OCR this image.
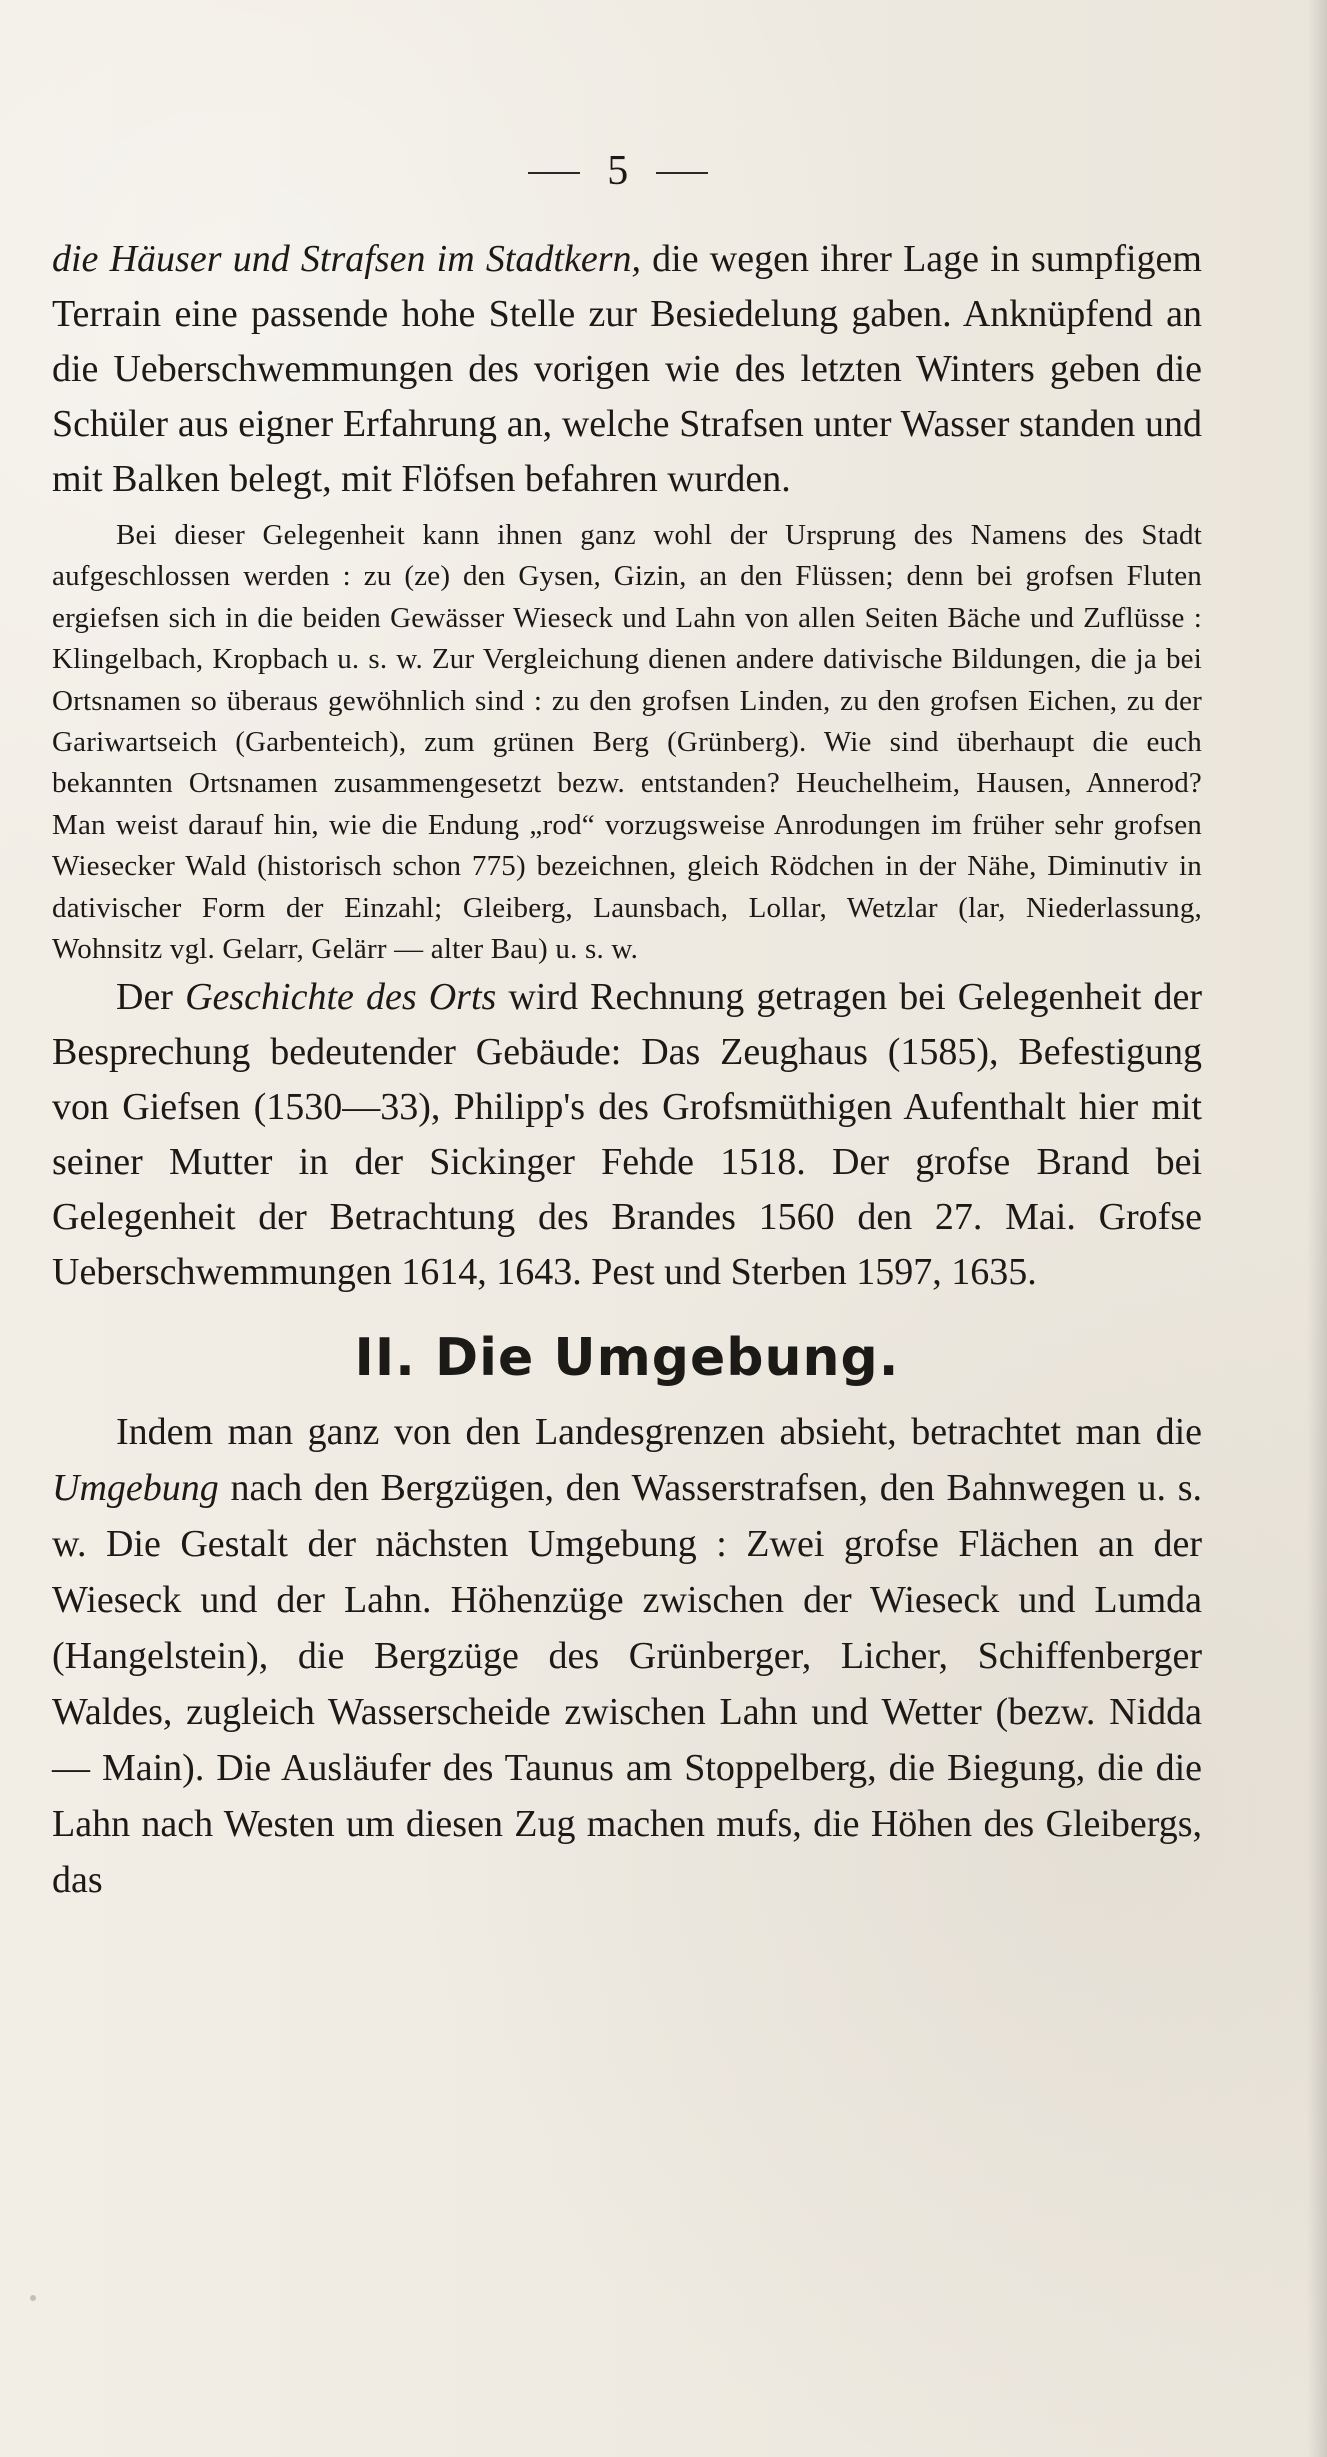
5

die Häuser und Strafsen im Stadtkern, die wegen ihrer Lage in sumpfigem Terrain eine passende hohe Stelle zur Besiedelung gaben. Anknüpfend an die Ueberschwemmungen des vorigen wie des letzten Winters geben die Schüler aus eigner Erfahrung an, welche Strafsen unter Wasser standen und mit Balken belegt, mit Flöfsen befahren wurden.

Bei dieser Gelegenheit kann ihnen ganz wohl der Ursprung des Namens des Stadt aufgeschlossen werden : zu (ze) den Gysen, Gizin, an den Flüssen; denn bei grofsen Fluten ergiefsen sich in die beiden Gewässer Wieseck und Lahn von allen Seiten Bäche und Zuflüsse : Klingelbach, Kropbach u. s. w. Zur Vergleichung dienen andere dativische Bildungen, die ja bei Ortsnamen so überaus gewöhnlich sind : zu den grofsen Linden, zu den grofsen Eichen, zu der Gariwartseich (Garbenteich), zum grünen Berg (Grünberg). Wie sind überhaupt die euch bekannten Ortsnamen zusammengesetzt bezw. entstanden? Heuchelheim, Hausen, Annerod? Man weist darauf hin, wie die Endung „rod“ vorzugsweise Anrodungen im früher sehr grofsen Wiesecker Wald (historisch schon 775) bezeichnen, gleich Rödchen in der Nähe, Diminutiv in dativischer Form der Einzahl; Gleiberg, Launsbach, Lollar, Wetzlar (lar, Niederlassung, Wohnsitz vgl. Gelarr, Gelärr — alter Bau) u. s. w.

Der Geschichte des Orts wird Rechnung getragen bei Gelegenheit der Besprechung bedeutender Gebäude: Das Zeughaus (1585), Befestigung von Giefsen (1530—33), Philipp's des Grofsmüthigen Aufenthalt hier mit seiner Mutter in der Sickinger Fehde 1518. Der grofse Brand bei Gelegenheit der Betrachtung des Brandes 1560 den 27. Mai. Grofse Ueberschwemmungen 1614, 1643. Pest und Sterben 1597, 1635.

II. Die Umgebung.

Indem man ganz von den Landesgrenzen absieht, betrachtet man die Umgebung nach den Bergzügen, den Wasserstrafsen, den Bahnwegen u. s. w. Die Gestalt der nächsten Umgebung : Zwei grofse Flächen an der Wieseck und der Lahn. Höhenzüge zwischen der Wieseck und Lumda (Hangelstein), die Bergzüge des Grünberger, Licher, Schiffenberger Waldes, zugleich Wasserscheide zwischen Lahn und Wetter (bezw. Nidda — Main). Die Ausläufer des Taunus am Stoppelberg, die Biegung, die die Lahn nach Westen um diesen Zug machen mufs, die Höhen des Gleibergs, das
